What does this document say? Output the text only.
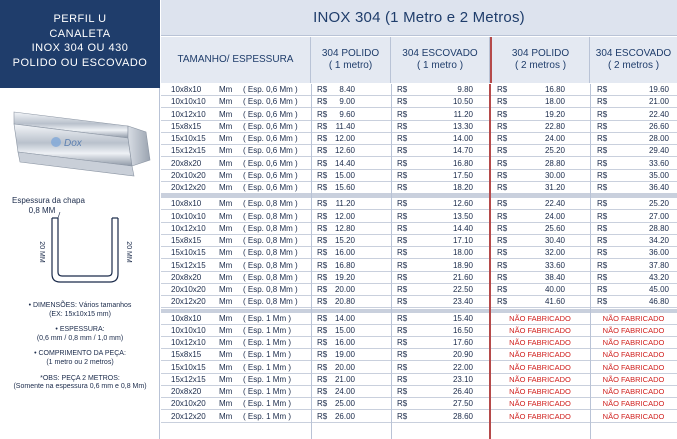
PERFIL U
CANALETA
INOX 304 OU 430
POLIDO OU ESCOVADO
Dox
Espessura da chapa
0,8 MM
20 MM	20 MM

• DIMENSÕES: Vários tamanhos
(EX: 15x10x15 mm)

• ESPESSURA:
(0,6 mm / 0,8 mm / 1,0 mm)

• COMPRIMENTO DA PEÇA:
(1 metro ou 2 metros)

*OBS: PEÇA 2 METROS:
(Somente na espessura 0,6 mm e 0,8 Mm)

INOX 304 (1 Metro e 2 Metros)
TAMANHO/ ESPESSURA
304 POLIDO
( 1 metro)
304 ESCOVADO
( 1 metro )
304 POLIDO
( 2 metros )
304 ESCOVADO
( 2 metros )
10x8x10	Mm	( Esp. 0,6 Mm )	R$	8.40	R$	9.80	R$	16.80	R$	19.60
10x10x10	Mm	( Esp. 0,6 Mm )	R$	9.00	R$	10.50	R$	18.00	R$	21.00
10x12x10	Mm	( Esp. 0,6 Mm )	R$	9.60	R$	11.20	R$	19.20	R$	22.40
15x8x15	Mm	( Esp. 0,6 Mm )	R$	11.40	R$	13.30	R$	22.80	R$	26.60
15x10x15	Mm	( Esp. 0,6 Mm )	R$ 12.00	R$	14.00	R$	24.00	R$	28.00
15x12x15	Mm	( Esp. 0,6 Mm )	R$ 12.60	R$	14.70	R$	25.20	R$	29.40
20x8x20	Mm	( Esp. 0,6 Mm )	R$ 14.40	R$	16.80	R$	28.80	R$	33.60
20x10x20	Mm	( Esp. 0,6 Mm )	R$ 15.00	R$	17.50	R$	30.00	R$	35.00
20x12x20	Mm	( Esp. 0,6 Mm )	R$ 15.60	R$	18.20	R$	31.20	R$	36.40
10x8x10	Mm	( Esp. 0,8 Mm )	R$	11.20	R$	12.60	R$	22.40	R$	25.20
10x10x10	Mm	( Esp. 0,8 Mm )	R$ 12.00	R$	13.50	R$	24.00	R$	27.00
10x12x10	Mm	( Esp. 0,8 Mm )	R$ 12.80	R$	14.40	R$	25.60	R$	28.80
15x8x15	Mm	( Esp. 0,8 Mm )	R$ 15.20	R$	17.10	R$	30.40	R$	34.20
15x10x15	Mm	( Esp. 0,8 Mm )	R$ 16.00	R$	18.00	R$	32.00	R$	36.00
15x12x15	Mm	( Esp. 0,8 Mm )	R$ 16.80	R$	18.90	R$	33.60	R$	37.80
20x8x20	Mm	( Esp. 0,8 Mm )	R$ 19.20	R$	21.60	R$	38.40	R$	43.20
20x10x20	Mm	( Esp. 0,8 Mm )	R$ 20.00	R$	22.50	R$	40.00	R$	45.00
20x12x20	Mm	( Esp. 0,8 Mm )	R$ 20.80	R$	23.40	R$	41.60	R$	46.80
10x8x10	Mm	( Esp. 1 Mm )	R$ 14.00	R$	15.40	NÃO FABRICADO	NÃO FABRICADO
10x10x10	Mm	( Esp. 1 Mm )	R$ 15.00	R$	16.50	NÃO FABRICADO	NÃO FABRICADO
10x12x10	Mm	( Esp. 1 Mm )	R$ 16.00	R$	17.60	NÃO FABRICADO	NÃO FABRICADO
15x8x15	Mm	( Esp. 1 Mm )	R$ 19.00	R$	20.90	NÃO FABRICADO	NÃO FABRICADO
15x10x15	Mm	( Esp. 1 Mm )	R$ 20.00	R$	22.00	NÃO FABRICADO	NÃO FABRICADO
15x12x15	Mm	( Esp. 1 Mm )	R$ 21.00	R$	23.10	NÃO FABRICADO	NÃO FABRICADO
20x8x20	Mm	( Esp. 1 Mm )	R$ 24.00	R$	26.40	NÃO FABRICADO	NÃO FABRICADO
20x10x20	Mm	( Esp. 1 Mm )	R$ 25.00	R$	27.50	NÃO FABRICADO	NÃO FABRICADO
20x12x20	Mm	( Esp. 1 Mm )	R$ 26.00	R$	28.60	NÃO FABRICADO	NÃO FABRICADO
